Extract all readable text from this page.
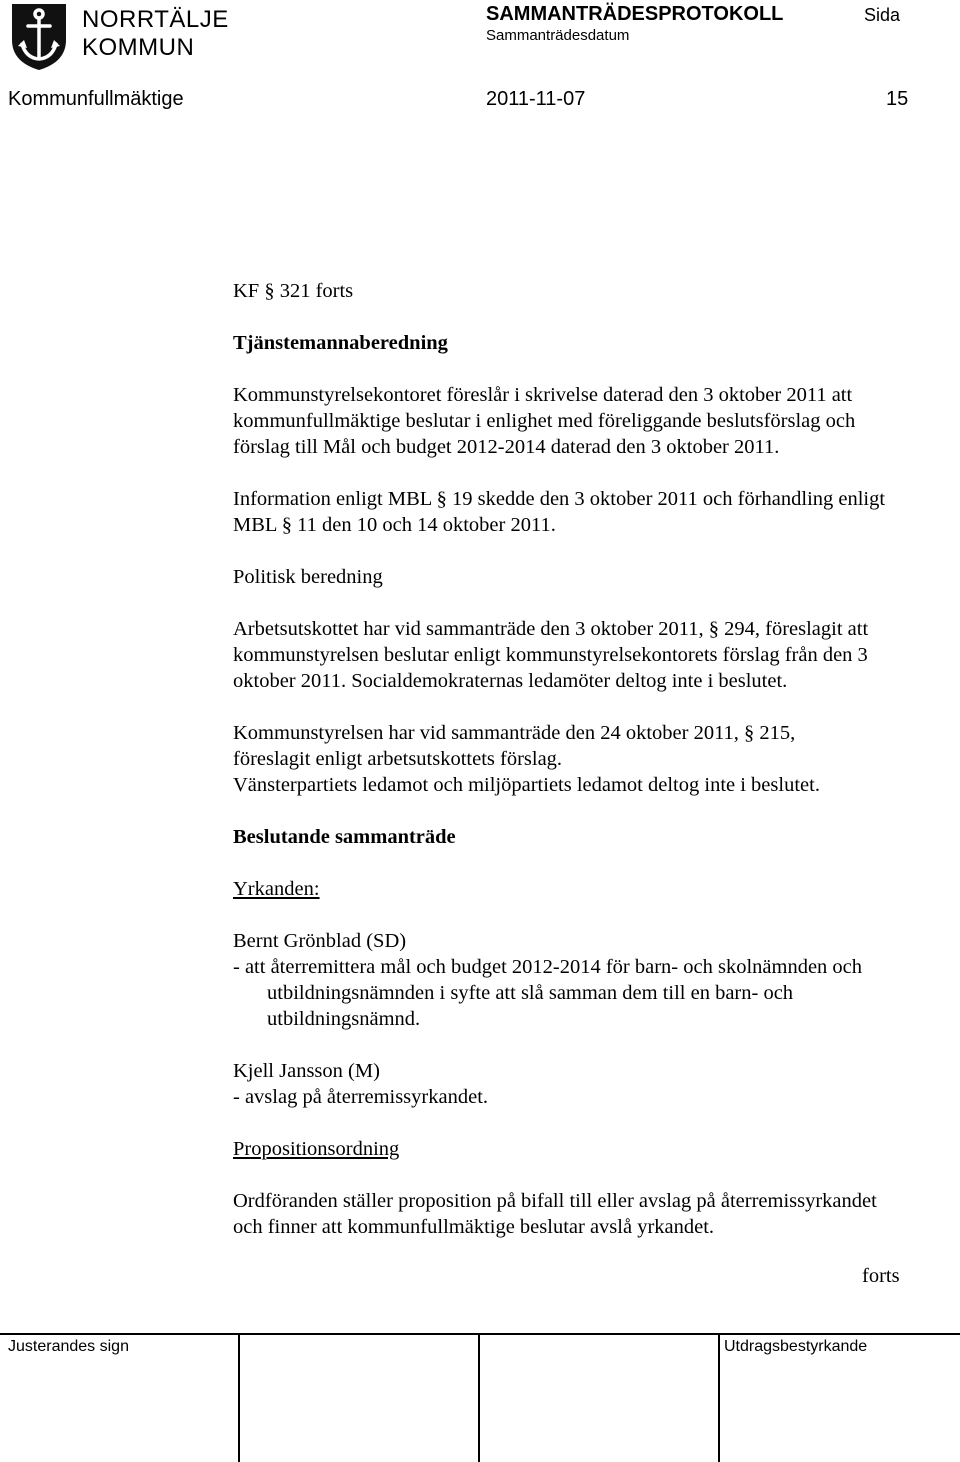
NORRTÄLJE
KOMMUN
SAMMANTRÄDESPROTOKOLL
Sammanträdesdatum
Sida
Kommunfullmäktige	2011-11-07	15
KF § 321 forts
Tjänstemannaberedning
Kommunstyrelsekontoret föreslår i skrivelse daterad den 3 oktober 2011 att
kommunfullmäktige beslutar i enlighet med föreliggande beslutsförslag och
förslag till Mål och budget 2012-2014 daterad den 3 oktober 2011.
Information enligt MBL § 19 skedde den 3 oktober 2011 och förhandling enligt
MBL § 11 den 10 och 14 oktober 2011.
Politisk beredning
Arbetsutskottet har vid sammanträde den 3 oktober 2011, § 294, föreslagit att
kommunstyrelsen beslutar enligt kommunstyrelsekontorets förslag från den 3
oktober 2011. Socialdemokraternas ledamöter deltog inte i beslutet.
Kommunstyrelsen har vid sammanträde den 24 oktober 2011, § 215,
föreslagit enligt arbetsutskottets förslag.
Vänsterpartiets ledamot och miljöpartiets ledamot deltog inte i beslutet.
Beslutande sammanträde
Yrkanden:
Bernt Grönblad (SD)
- att återremittera mål och budget 2012-2014 för barn- och skolnämnden och
utbildningsnämnden i syfte att slå samman dem till en barn- och
utbildningsnämnd.
Kjell Jansson (M)
- avslag på återremissyrkandet.
Propositionsordning
Ordföranden ställer proposition på bifall till eller avslag på återremissyrkandet
och finner att kommunfullmäktige beslutar avslå yrkandet.
forts
Justerandes sign	Utdragsbestyrkande
